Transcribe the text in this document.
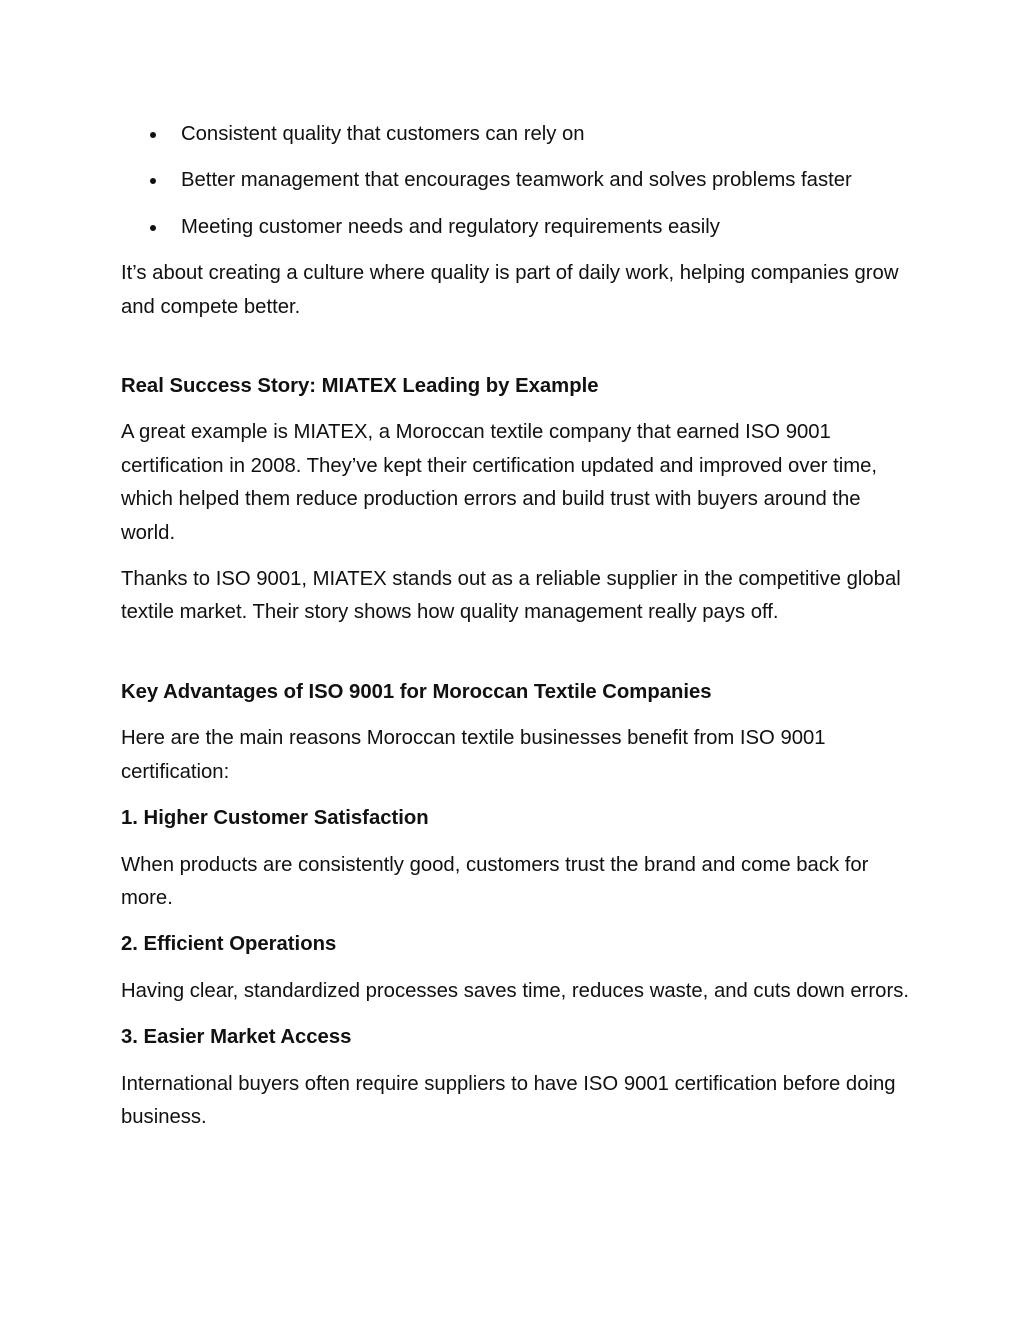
Consistent quality that customers can rely on
Better management that encourages teamwork and solves problems faster
Meeting customer needs and regulatory requirements easily

It’s about creating a culture where quality is part of daily work, helping companies grow and compete better.

Real Success Story: MIATEX Leading by Example

A great example is MIATEX, a Moroccan textile company that earned ISO 9001 certification in 2008. They’ve kept their certification updated and improved over time, which helped them reduce production errors and build trust with buyers around the world.

Thanks to ISO 9001, MIATEX stands out as a reliable supplier in the competitive global textile market. Their story shows how quality management really pays off.

Key Advantages of ISO 9001 for Moroccan Textile Companies

Here are the main reasons Moroccan textile businesses benefit from ISO 9001 certification:

1. Higher Customer Satisfaction

When products are consistently good, customers trust the brand and come back for more.

2. Efficient Operations

Having clear, standardized processes saves time, reduces waste, and cuts down errors.

3. Easier Market Access

International buyers often require suppliers to have ISO 9001 certification before doing business.
